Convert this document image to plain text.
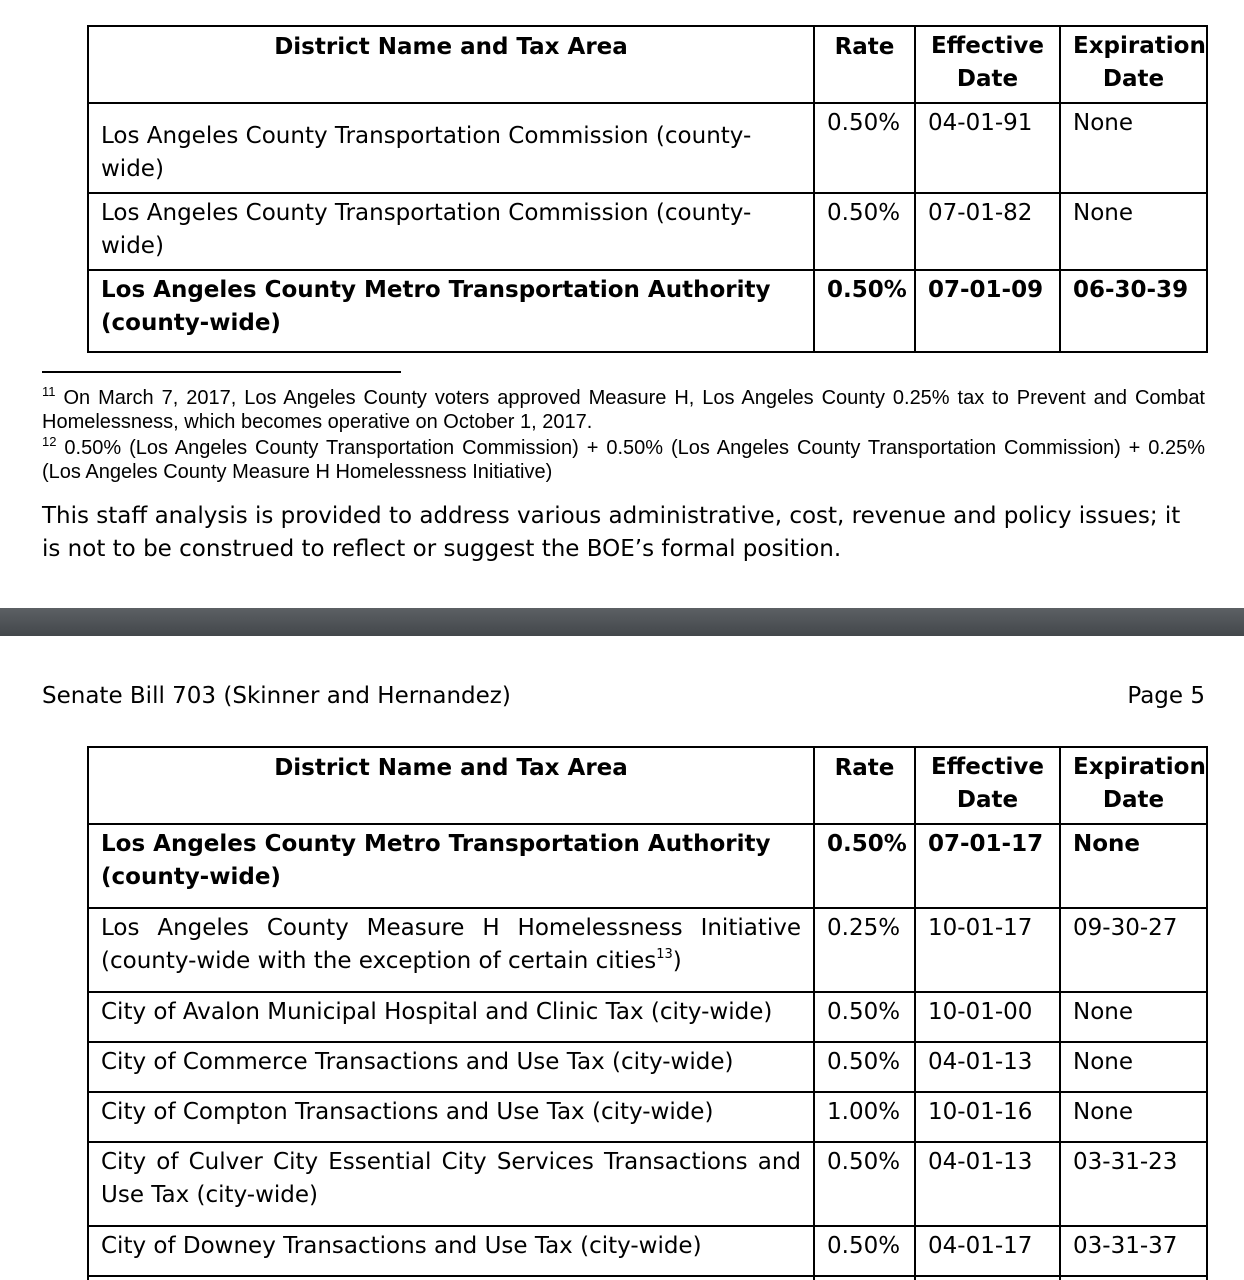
District Name and Tax Area	Rate	Effective Date	Expiration Date
Los Angeles County Transportation Commission (county-wide)	0.50%	04-01-91	None
Los Angeles County Transportation Commission (county-wide)	0.50%	07-01-82	None
Los Angeles County Metro Transportation Authority (county-wide)	0.50%	07-01-09	06-30-39
$^{11}$ On March 7, 2017, Los Angeles County voters approved Measure H, Los Angeles County 0.25% tax to Prevent and Combat Homelessness, which becomes operative on October 1, 2017.
$^{12}$ 0.50% (Los Angeles County Transportation Commission) + 0.50% (Los Angeles County Transportation Commission) + 0.25% (Los Angeles County Measure H Homelessness Initiative)
This staff analysis is provided to address various administrative, cost, revenue and policy issues; it is not to be construed to reflect or suggest the BOE’s formal position.
Senate Bill 703 (Skinner and Hernandez)	Page 5
District Name and Tax Area	Rate	Effective Date	Expiration Date
Los Angeles County Metro Transportation Authority (county-wide)	0.50%	07-01-17	None

Los Angeles County Measure H Homelessness Initiative
(county-wide with the exception of certain cities$^{13}$)	0.25%	10-01-17	09-30-27
City of Avalon Municipal Hospital and Clinic Tax (city-wide)	0.50%	10-01-00	None
City of Commerce Transactions and Use Tax (city-wide)	0.50%	04-01-13	None
City of Compton Transactions and Use Tax (city-wide)	1.00%	10-01-16	None
City of Culver City Essential City Services Transactions and Use Tax (city-wide)	0.50%	04-01-13	03-31-23
City of Downey Transactions and Use Tax (city-wide)	0.50%	04-01-17	03-31-37
